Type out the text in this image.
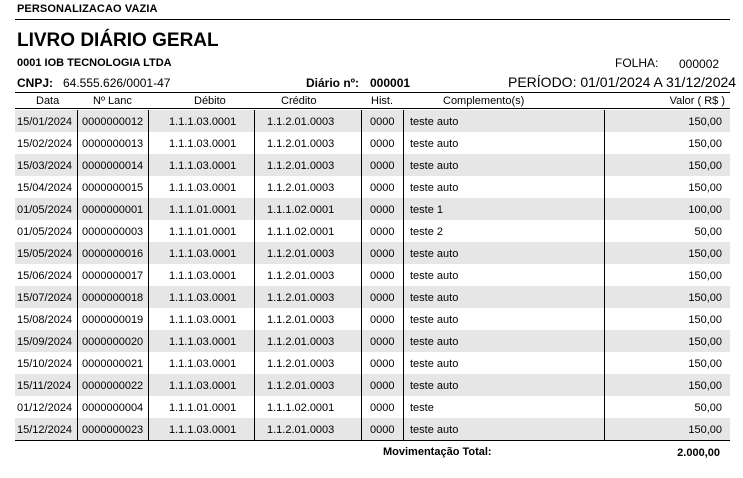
PERSONALIZACAO VAZIA
LIVRO DIÁRIO GERAL
0001 IOB TECNOLOGIA LTDA	FOLHA: 000002
CNPJ: 64.555.626/0001-47	Diário nº: 000001	PERÍODO: 01/01/2024 A 31/12/2024
Data	Nº Lanc	Débito	Crédito	Hist.	Complemento(s)	Valor ( R$ )
15/01/2024 0000000012 1.1.1.03.0001	1.1.2.01.0003	0000 teste auto	150,00
15/02/2024 0000000013 1.1.1.03.0001	1.1.2.01.0003	0000 teste auto	150,00
15/03/2024 0000000014 1.1.1.03.0001	1.1.2.01.0003	0000 teste auto	150,00
15/04/2024 0000000015 1.1.1.03.0001	1.1.2.01.0003	0000 teste auto	150,00
01/05/2024 0000000001 1.1.1.01.0001	1.1.1.02.0001	0000 teste 1	100,00
01/05/2024 0000000003 1.1.1.01.0001	1.1.1.02.0001	0000 teste 2	50,00
15/05/2024 0000000016 1.1.1.03.0001	1.1.2.01.0003	0000 teste auto	150,00
15/06/2024 0000000017 1.1.1.03.0001	1.1.2.01.0003	0000 teste auto	150,00
15/07/2024 0000000018 1.1.1.03.0001	1.1.2.01.0003	0000 teste auto	150,00
15/08/2024 0000000019 1.1.1.03.0001	1.1.2.01.0003	0000 teste auto	150,00
15/09/2024 0000000020 1.1.1.03.0001	1.1.2.01.0003	0000 teste auto	150,00
15/10/2024 0000000021 1.1.1.03.0001	1.1.2.01.0003	0000 teste auto	150,00
15/11/2024 0000000022 1.1.1.03.0001	1.1.2.01.0003	0000 teste auto	150,00
01/12/2024 0000000004 1.1.1.01.0001	1.1.1.02.0001	0000 teste	50,00
15/12/2024 0000000023 1.1.1.03.0001	1.1.2.01.0003	0000 teste auto	150,00
Movimentação Total:	2.000,00
